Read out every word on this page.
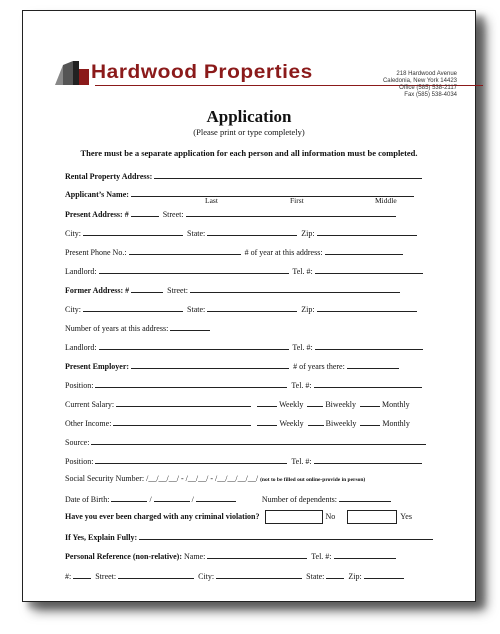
Hardwood Properties	218 Hardwood Avenue
Caledonia, New York 14423
Office (585) 538-2117
Fax (585) 538-4034
Application
(Please print or type completely)
There must be a separate application for each person and all information must be completed.
Rental Property Address:
Applicant’s Name:
Last	First	Middle
Present Address: #	Street:
City:	State:	Zip:
Present Phone No.:	# of year at this address:
Landlord:	Tel. #:
Former Address: #	Street:
City:	State:	Zip:
Number of years at this address:
Landlord:	Tel. #:
Present Employer:	# of years there:
Position:	Tel. #:
Current Salary:	Weekly	Biweekly	Monthly
Other Income:	Weekly	Biweekly	Monthly
Source:
Position:	Tel. #:
Social Security Number: /__/__/__/ - /__/__/ - /__/__/__/__/ (not to be filled out online-provide in person)
Date of Birth:	/	/	Number of dependents:
Have you ever been charged with any criminal violation?	No	Yes
If Yes, Explain Fully:
Personal Reference (non-relative): Name:	Tel. #:
#:	Street:	City:	State:	Zip:
